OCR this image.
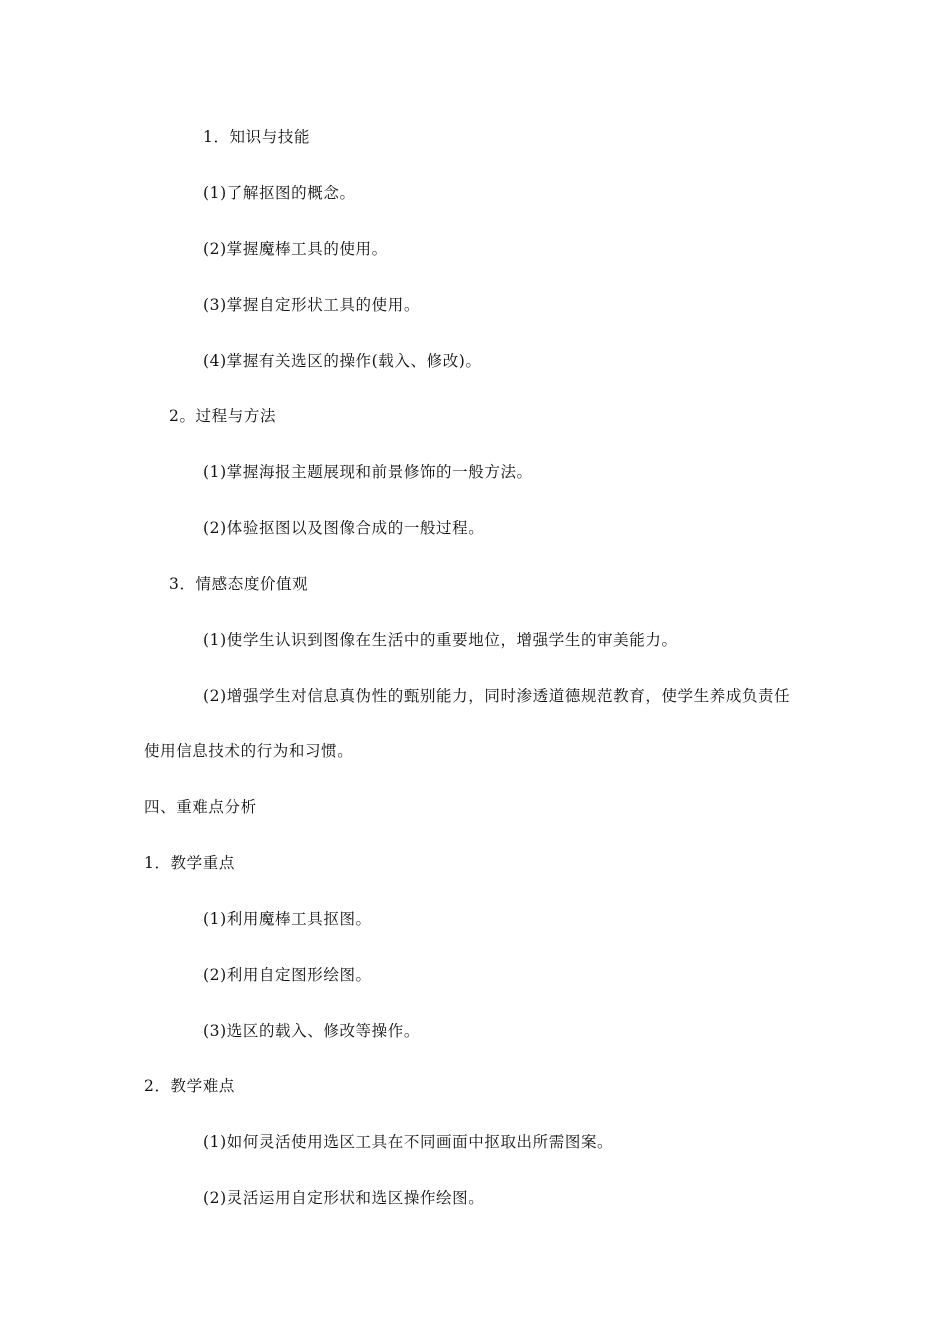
1．知识与技能
(1)了解抠图的概念。
(2)掌握魔棒工具的使用。
(3)掌握自定形状工具的使用。
(4)掌握有关选区的操作(载入、修改)。
2。过程与方法
(1)掌握海报主题展现和前景修饰的一般方法。
(2)体验抠图以及图像合成的一般过程。
3．情感态度价值观
(1)使学生认识到图像在生活中的重要地位，增强学生的审美能力。
(2)增强学生对信息真伪性的甄别能力，同时渗透道德规范教育，使学生养成负责任
使用信息技术的行为和习惯。
四、重难点分析
1．教学重点
(1)利用魔棒工具抠图。
(2)利用自定图形绘图。
(3)选区的载入、修改等操作。
2．教学难点
(1)如何灵活使用选区工具在不同画面中抠取出所需图案。
(2)灵活运用自定形状和选区操作绘图。
